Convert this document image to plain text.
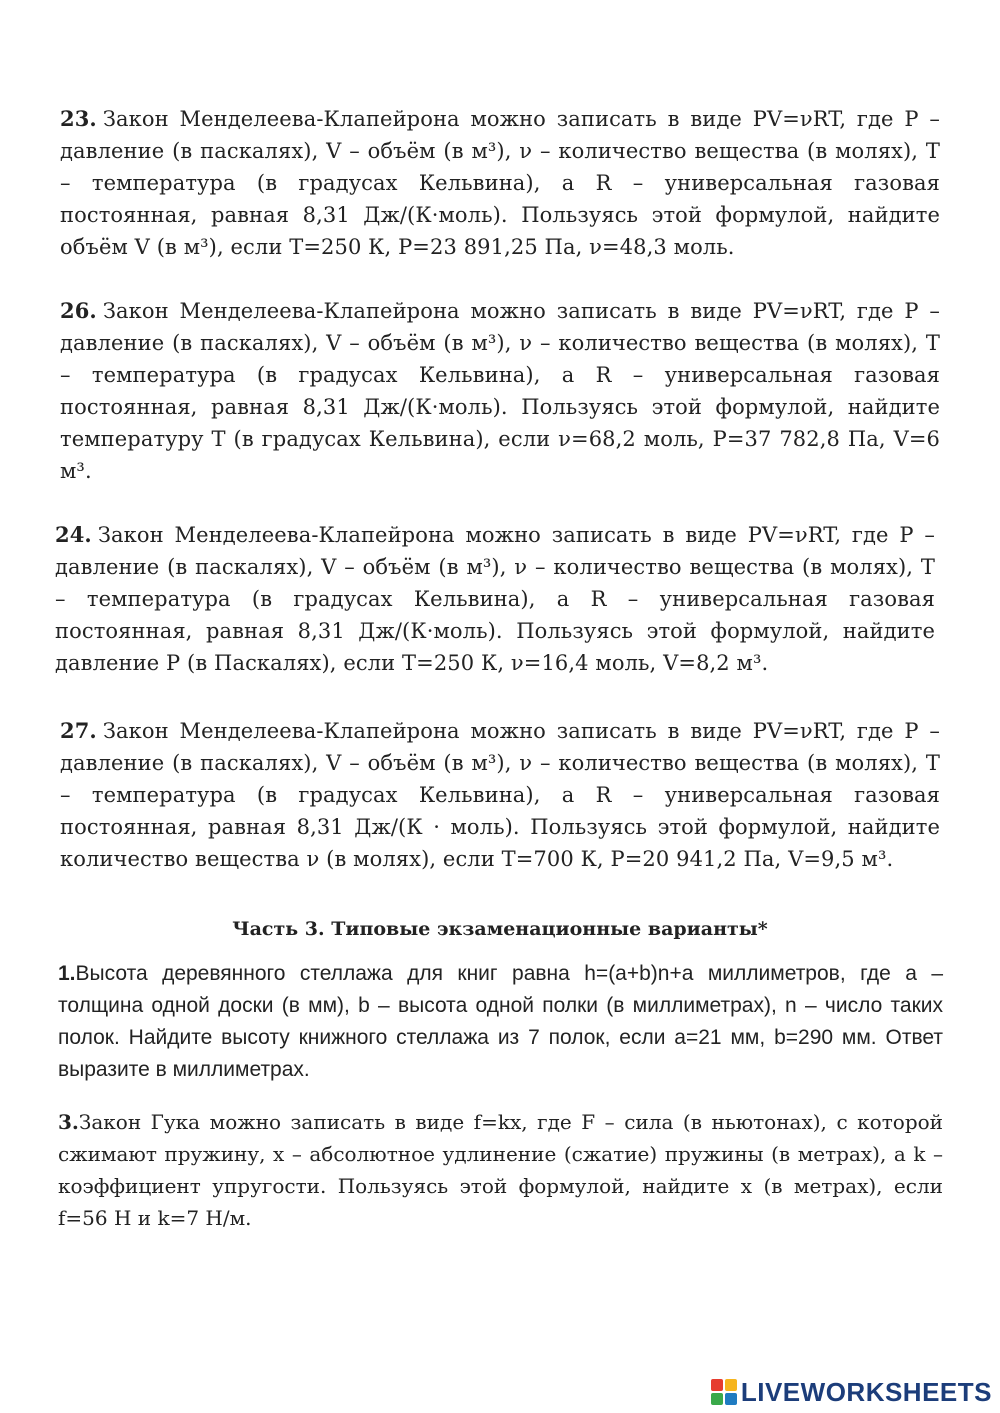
23. Закон Менделеева-Клапейрона можно записать в виде PV=νRT, где P – давление (в паскалях), V – объём (в м³), ν – количество вещества (в молях), T – температура (в градусах Кельвина), а R – универсальная газовая постоянная, равная 8,31 Дж/(К·моль). Пользуясь этой формулой, найдите объём V (в м³), если T=250 К, P=23 891,25 Па, ν=48,3 моль.
26. Закон Менделеева-Клапейрона можно записать в виде PV=νRT, где P – давление (в паскалях), V – объём (в м³), ν – количество вещества (в молях), T – температура (в градусах Кельвина), а R – универсальная газовая постоянная, равная 8,31 Дж/(К·моль). Пользуясь этой формулой, найдите температуру T (в градусах Кельвина), если ν=68,2 моль, P=37 782,8 Па, V=6 м³.
24. Закон Менделеева-Клапейрона можно записать в виде PV=νRT, где P – давление (в паскалях), V – объём (в м³), ν – количество вещества (в молях), T – температура (в градусах Кельвина), а R – универсальная газовая постоянная, равная 8,31 Дж/(К·моль). Пользуясь этой формулой, найдите давление P (в Паскалях), если T=250 К, ν=16,4 моль, V=8,2 м³.
27. Закон Менделеева-Клапейрона можно записать в виде PV=νRT, где P – давление (в паскалях), V – объём (в м³), ν – количество вещества (в молях), T – температура (в градусах Кельвина), а R – универсальная газовая постоянная, равная 8,31 Дж/(К · моль). Пользуясь этой формулой, найдите количество вещества ν (в молях), если T=700 К, P=20 941,2 Па, V=9,5 м³.
Часть 3. Типовые экзаменационные варианты*
1.Высота деревянного стеллажа для книг равна h=(a+b)n+a миллиметров, где a – толщина одной доски (в мм), b – высота одной полки (в миллиметрах), n – число таких полок. Найдите высоту книжного стеллажа из 7 полок, если a=21 мм, b=290 мм. Ответ выразите в миллиметрах.
3.Закон Гука можно записать в виде f=kx, где F – сила (в ньютонах), с которой сжимают пружину, x – абсолютное удлинение (сжатие) пружины (в метрах), а k – коэффициент упругости. Пользуясь этой формулой, найдите x (в метрах), если f=56 Н и k=7 Н/м.
LIVEWORKSHEETS
